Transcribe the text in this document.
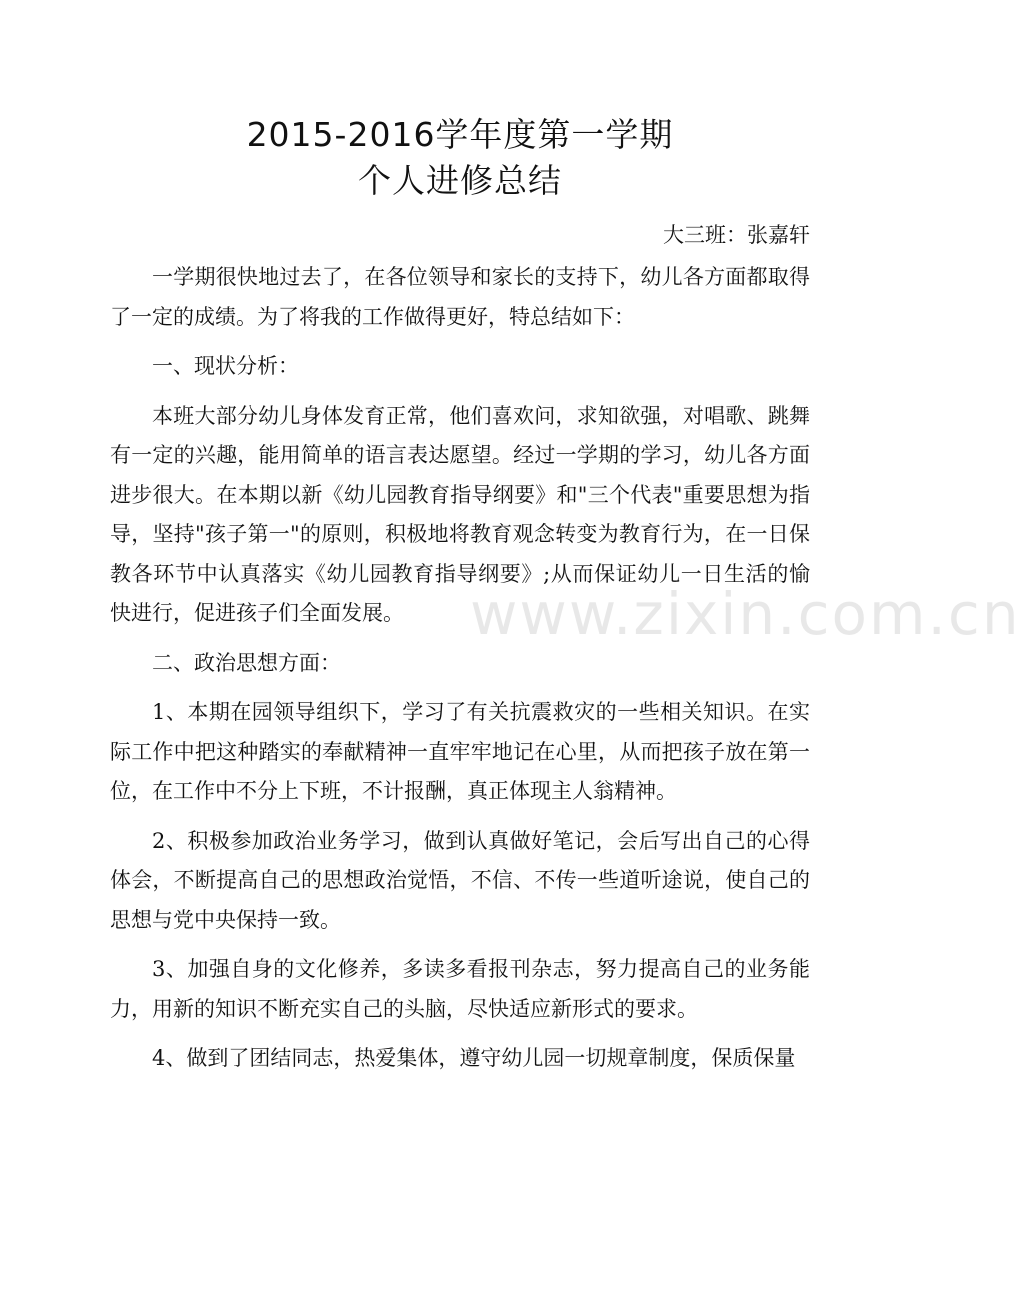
www.zixin.com.cn
2015-2016学年度第一学期
个人进修总结

大三班：张嘉轩

一学期很快地过去了，在各位领导和家长的支持下，幼儿各方面都取得了一定的成绩。为了将我的工作做得更好，特总结如下：

一、现状分析：

本班大部分幼儿身体发育正常，他们喜欢问，求知欲强，对唱歌、跳舞有一定的兴趣，能用简单的语言表达愿望。经过一学期的学习，幼儿各方面进步很大。在本期以新《幼儿园教育指导纲要》和"三个代表"重要思想为指导，坚持"孩子第一"的原则，积极地将教育观念转变为教育行为，在一日保教各环节中认真落实《幼儿园教育指导纲要》;从而保证幼儿一日生活的愉快进行，促进孩子们全面发展。

二、政治思想方面：

1、本期在园领导组织下，学习了有关抗震救灾的一些相关知识。在实际工作中把这种踏实的奉献精神一直牢牢地记在心里，从而把孩子放在第一位，在工作中不分上下班，不计报酬，真正体现主人翁精神。

2、积极参加政治业务学习，做到认真做好笔记，会后写出自己的心得体会，不断提高自己的思想政治觉悟，不信、不传一些道听途说，使自己的思想与党中央保持一致。

3、加强自身的文化修养，多读多看报刊杂志，努力提高自己的业务能力，用新的知识不断充实自己的头脑，尽快适应新形式的要求。

4、做到了团结同志，热爱集体，遵守幼儿园一切规章制度，保质保量
